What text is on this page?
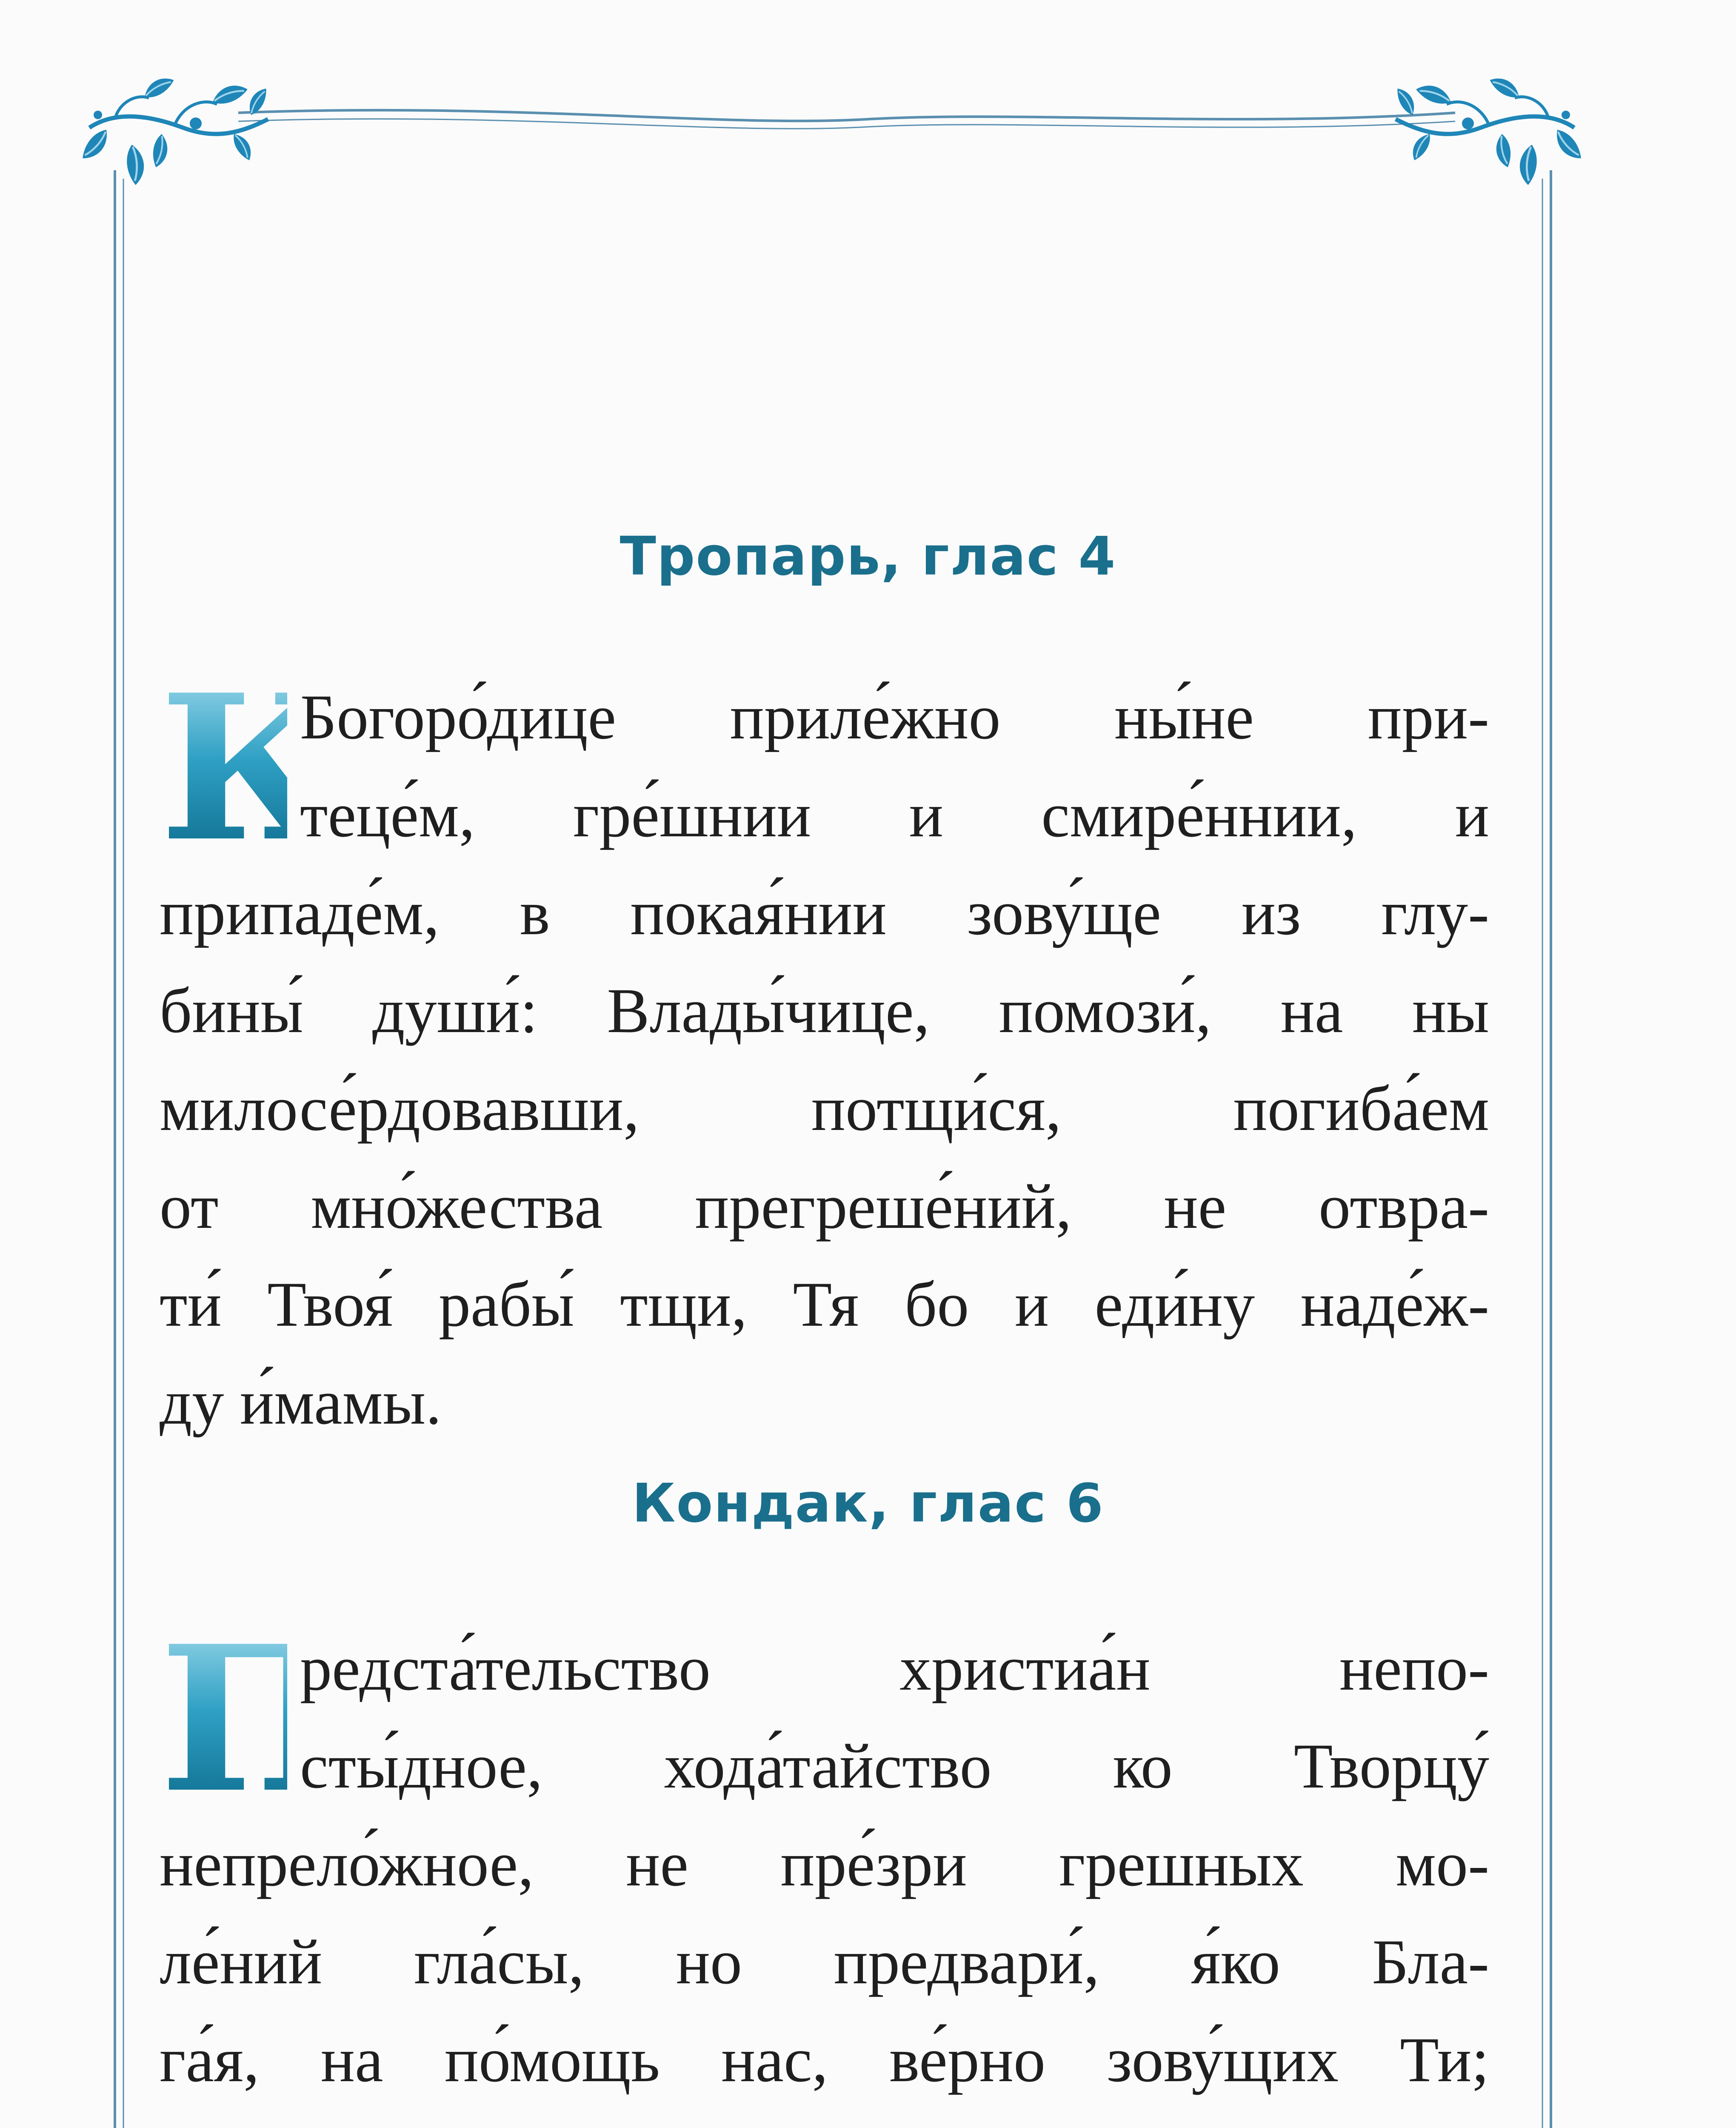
Тропарь, глас 4
К
Богоро́дице приле́жно ны́не при-
теце́м, гре́шнии и смире́ннии, и
припаде́м, в покая́нии зову́ще из глу-
бины́ души́: Влады́чице, помози́, на ны
милосе́рдовавши, потщи́ся, погиба́ем
от мно́жества прегреше́ний, не отвра-
ти́ Твоя́ рабы́ тщи, Тя бо и еди́ну наде́ж-
ду и́мамы.
Кондак, глас 6
П
редста́тельство христиа́н непо-
сты́дное, хода́тайство ко Творцу́
непрело́жное, не пре́зри грешных мо-
ле́ний гла́сы, но предвари́, я́ко Бла-
га́я, на по́мощь нас, ве́рно зову́щих Ти;
